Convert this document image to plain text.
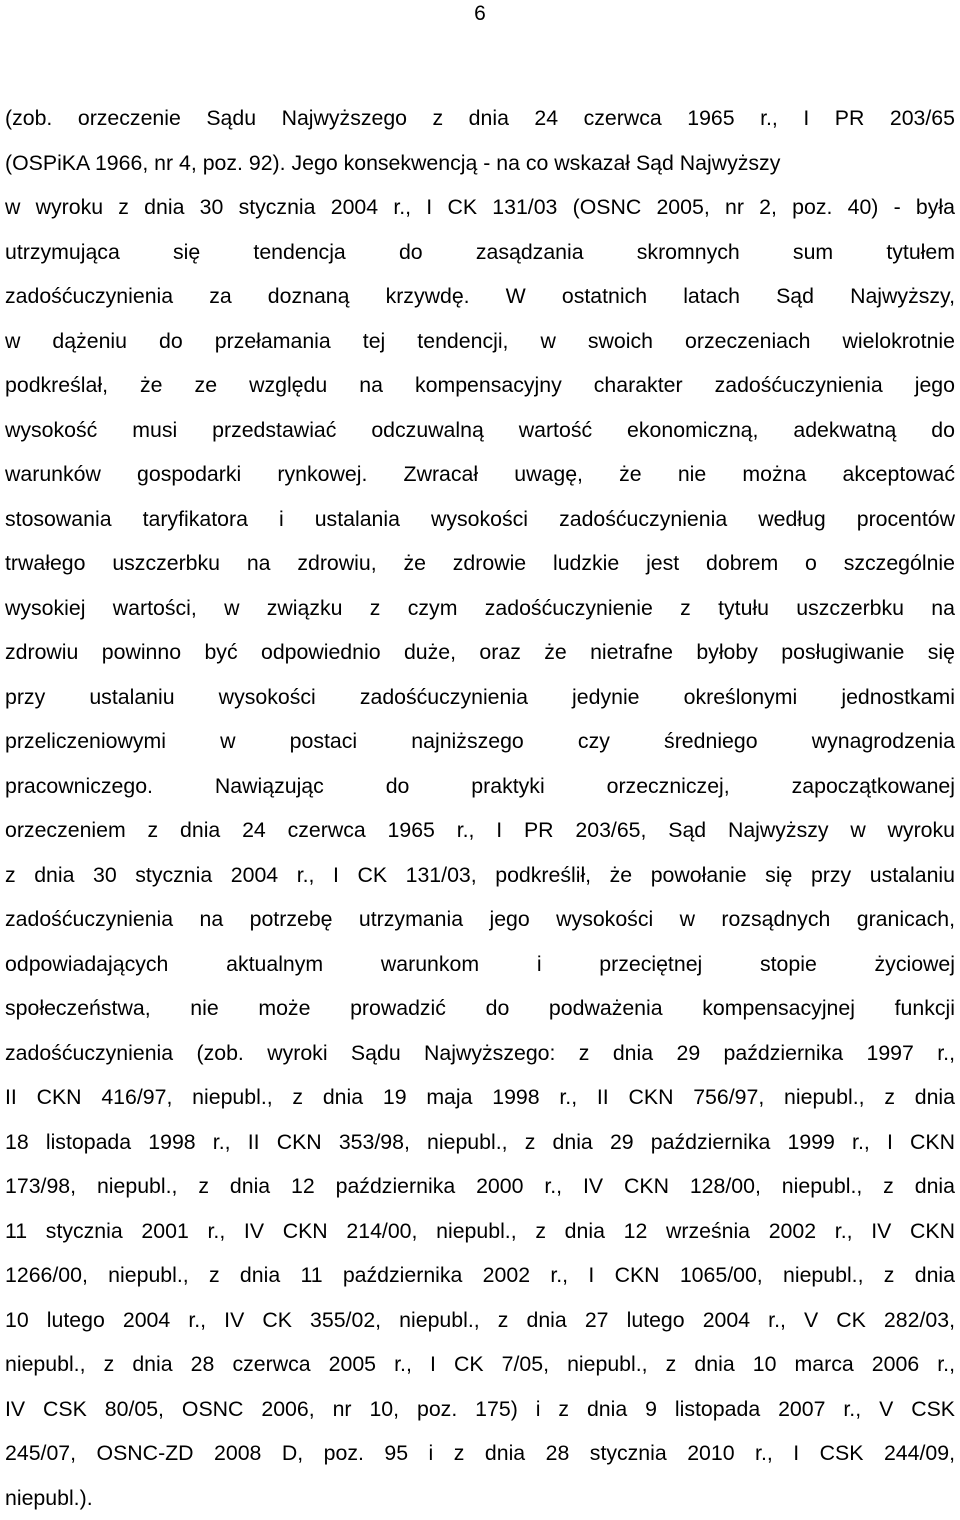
6
(zob. orzeczenie Sądu Najwyższego z dnia 24 czerwca 1965 r., I PR 203/65
(OSPiKA 1966, nr 4, poz. 92). Jego konsekwencją - na co wskazał Sąd Najwyższy
w wyroku z dnia 30 stycznia 2004 r., I CK 131/03 (OSNC 2005, nr 2, poz. 40) - była
utrzymująca się tendencja do zasądzania skromnych sum tytułem
zadośćuczynienia za doznaną krzywdę. W ostatnich latach Sąd Najwyższy,
w dążeniu do przełamania tej tendencji, w swoich orzeczeniach wielokrotnie
podkreślał, że ze względu na kompensacyjny charakter zadośćuczynienia jego
wysokość musi przedstawiać odczuwalną wartość ekonomiczną, adekwatną do
warunków gospodarki rynkowej. Zwracał uwagę, że nie można akceptować
stosowania taryfikatora i ustalania wysokości zadośćuczynienia według procentów
trwałego uszczerbku na zdrowiu, że zdrowie ludzkie jest dobrem o szczególnie
wysokiej wartości, w związku z czym zadośćuczynienie z tytułu uszczerbku na
zdrowiu powinno być odpowiednio duże, oraz że nietrafne byłoby posługiwanie się
przy ustalaniu wysokości zadośćuczynienia jedynie określonymi jednostkami
przeliczeniowymi w postaci najniższego czy średniego wynagrodzenia
pracowniczego. Nawiązując do praktyki orzeczniczej, zapoczątkowanej
orzeczeniem z dnia 24 czerwca 1965 r., I PR 203/65, Sąd Najwyższy w wyroku
z dnia 30 stycznia 2004 r., I CK 131/03, podkreślił, że powołanie się przy ustalaniu
zadośćuczynienia na potrzebę utrzymania jego wysokości w rozsądnych granicach,
odpowiadających aktualnym warunkom i przeciętnej stopie życiowej
społeczeństwa, nie może prowadzić do podważenia kompensacyjnej funkcji
zadośćuczynienia (zob. wyroki Sądu Najwyższego: z dnia 29 października 1997 r.,
II CKN 416/97, niepubl., z dnia 19 maja 1998 r., II CKN 756/97, niepubl., z dnia
18 listopada 1998 r., II CKN 353/98, niepubl., z dnia 29 października 1999 r., I CKN
173/98, niepubl., z dnia 12 października 2000 r., IV CKN 128/00, niepubl., z dnia
11 stycznia 2001 r., IV CKN 214/00, niepubl., z dnia 12 września 2002 r., IV CKN
1266/00, niepubl., z dnia 11 października 2002 r., I CKN 1065/00, niepubl., z dnia
10 lutego 2004 r., IV CK 355/02, niepubl., z dnia 27 lutego 2004 r., V CK 282/03,
niepubl., z dnia 28 czerwca 2005 r., I CK 7/05, niepubl., z dnia 10 marca 2006 r.,
IV CSK 80/05, OSNC 2006, nr 10, poz. 175) i z dnia 9 listopada 2007 r., V CSK
245/07, OSNC-ZD 2008 D, poz. 95 i z dnia 28 stycznia 2010 r., I CSK 244/09,
niepubl.).
